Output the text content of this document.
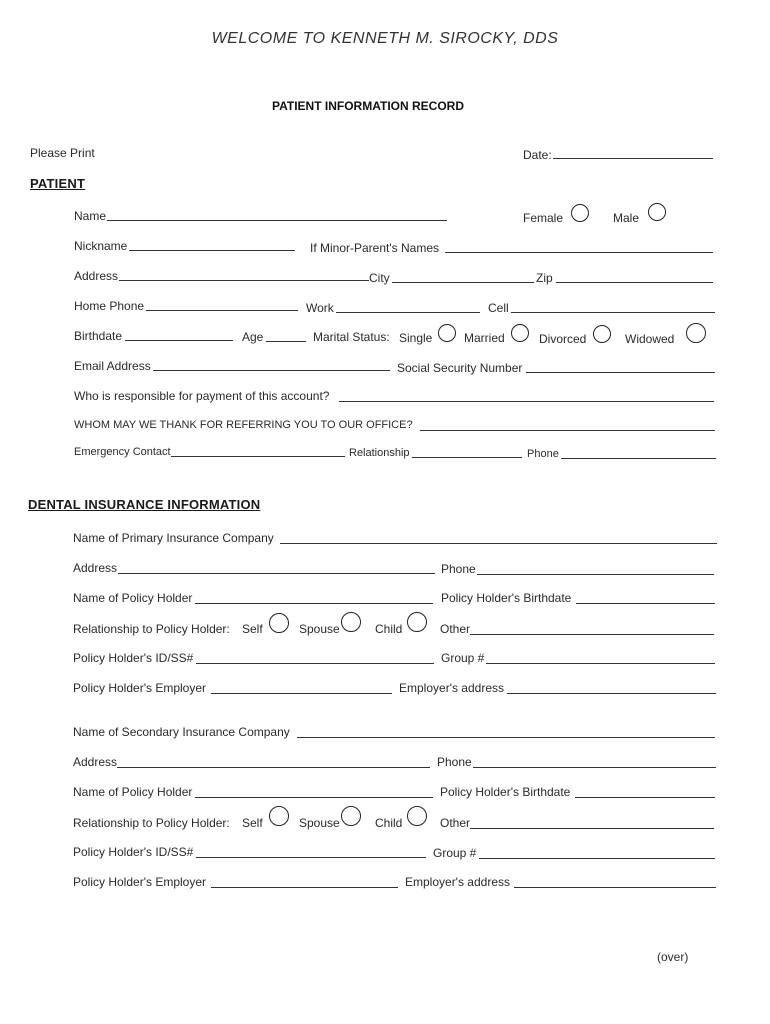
WELCOME TO KENNETH M. SIROCKY, DDS
PATIENT INFORMATION RECORD
Please Print	Date:
PATIENT
Name	Female	Male
Nickname	If Minor-Parent's Names
Address	City	Zip
Home Phone	Work	Cell
Birthdate	Age	Marital Status: Single	Married	Divorced	Widowed
Email Address	Social Security Number
Who is responsible for payment of this account?
WHOM MAY WE THANK FOR REFERRING YOU TO OUR OFFICE?
Emergency Contact	Relationship	Phone
DENTAL INSURANCE INFORMATION
Name of Primary Insurance Company
Address	Phone
Name of Policy Holder	Policy Holder's Birthdate
Relationship to Policy Holder: Self	Spouse	Child	Other
Policy Holder's ID/SS#	Group #
Policy Holder's Employer	Employer's address
Name of Secondary Insurance Company
Address	Phone
Name of Policy Holder	Policy Holder's Birthdate
Relationship to Policy Holder: Self	Spouse	Child	Other
Policy Holder's ID/SS#	Group #
Policy Holder's Employer	Employer's address
(over)
